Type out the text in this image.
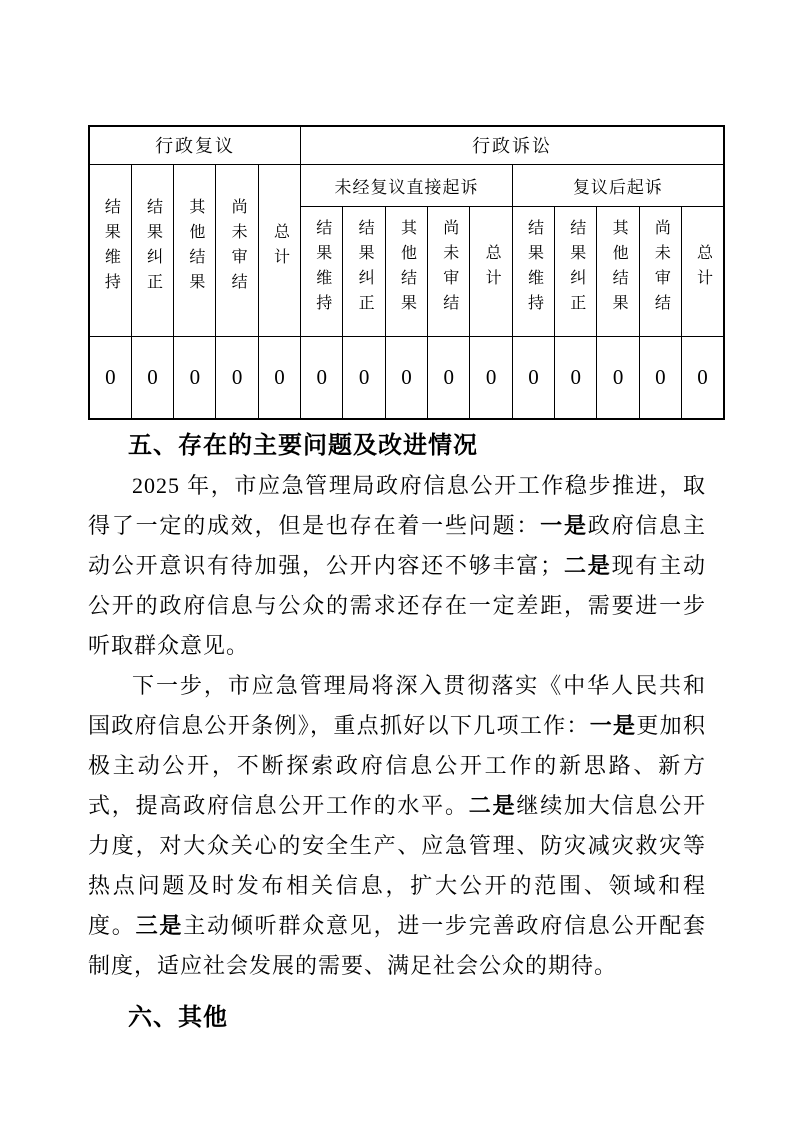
行政复议					行政诉讼									
结果维持	结果纠正	其他结果	尚未审结	总计	未经复议直接起诉					复议后起诉				
					结果维持	结果纠正	其他结果	尚未审结	总计	结果维持	结果纠正	其他结果	尚未审结	总计
0	0	0	0	0	0	0	0	0	0	0	0	0	0	0
五、存在的主要问题及改进情况

2025 年，市应急管理局政府信息公开工作稳步推进，取得了一定的成效，但是也存在着一些问题：一是政府信息主动公开意识有待加强，公开内容还不够丰富；二是现有主动公开的政府信息与公众的需求还存在一定差距，需要进一步听取群众意见。

下一步，市应急管理局将深入贯彻落实《中华人民共和国政府信息公开条例》，重点抓好以下几项工作：一是更加积极主动公开，不断探索政府信息公开工作的新思路、新方式，提高政府信息公开工作的水平。二是继续加大信息公开力度，对大众关心的安全生产、应急管理、防灾减灾救灾等热点问题及时发布相关信息，扩大公开的范围、领域和程度。三是主动倾听群众意见，进一步完善政府信息公开配套制度，适应社会发展的需要、满足社会公众的期待。

六、其他
